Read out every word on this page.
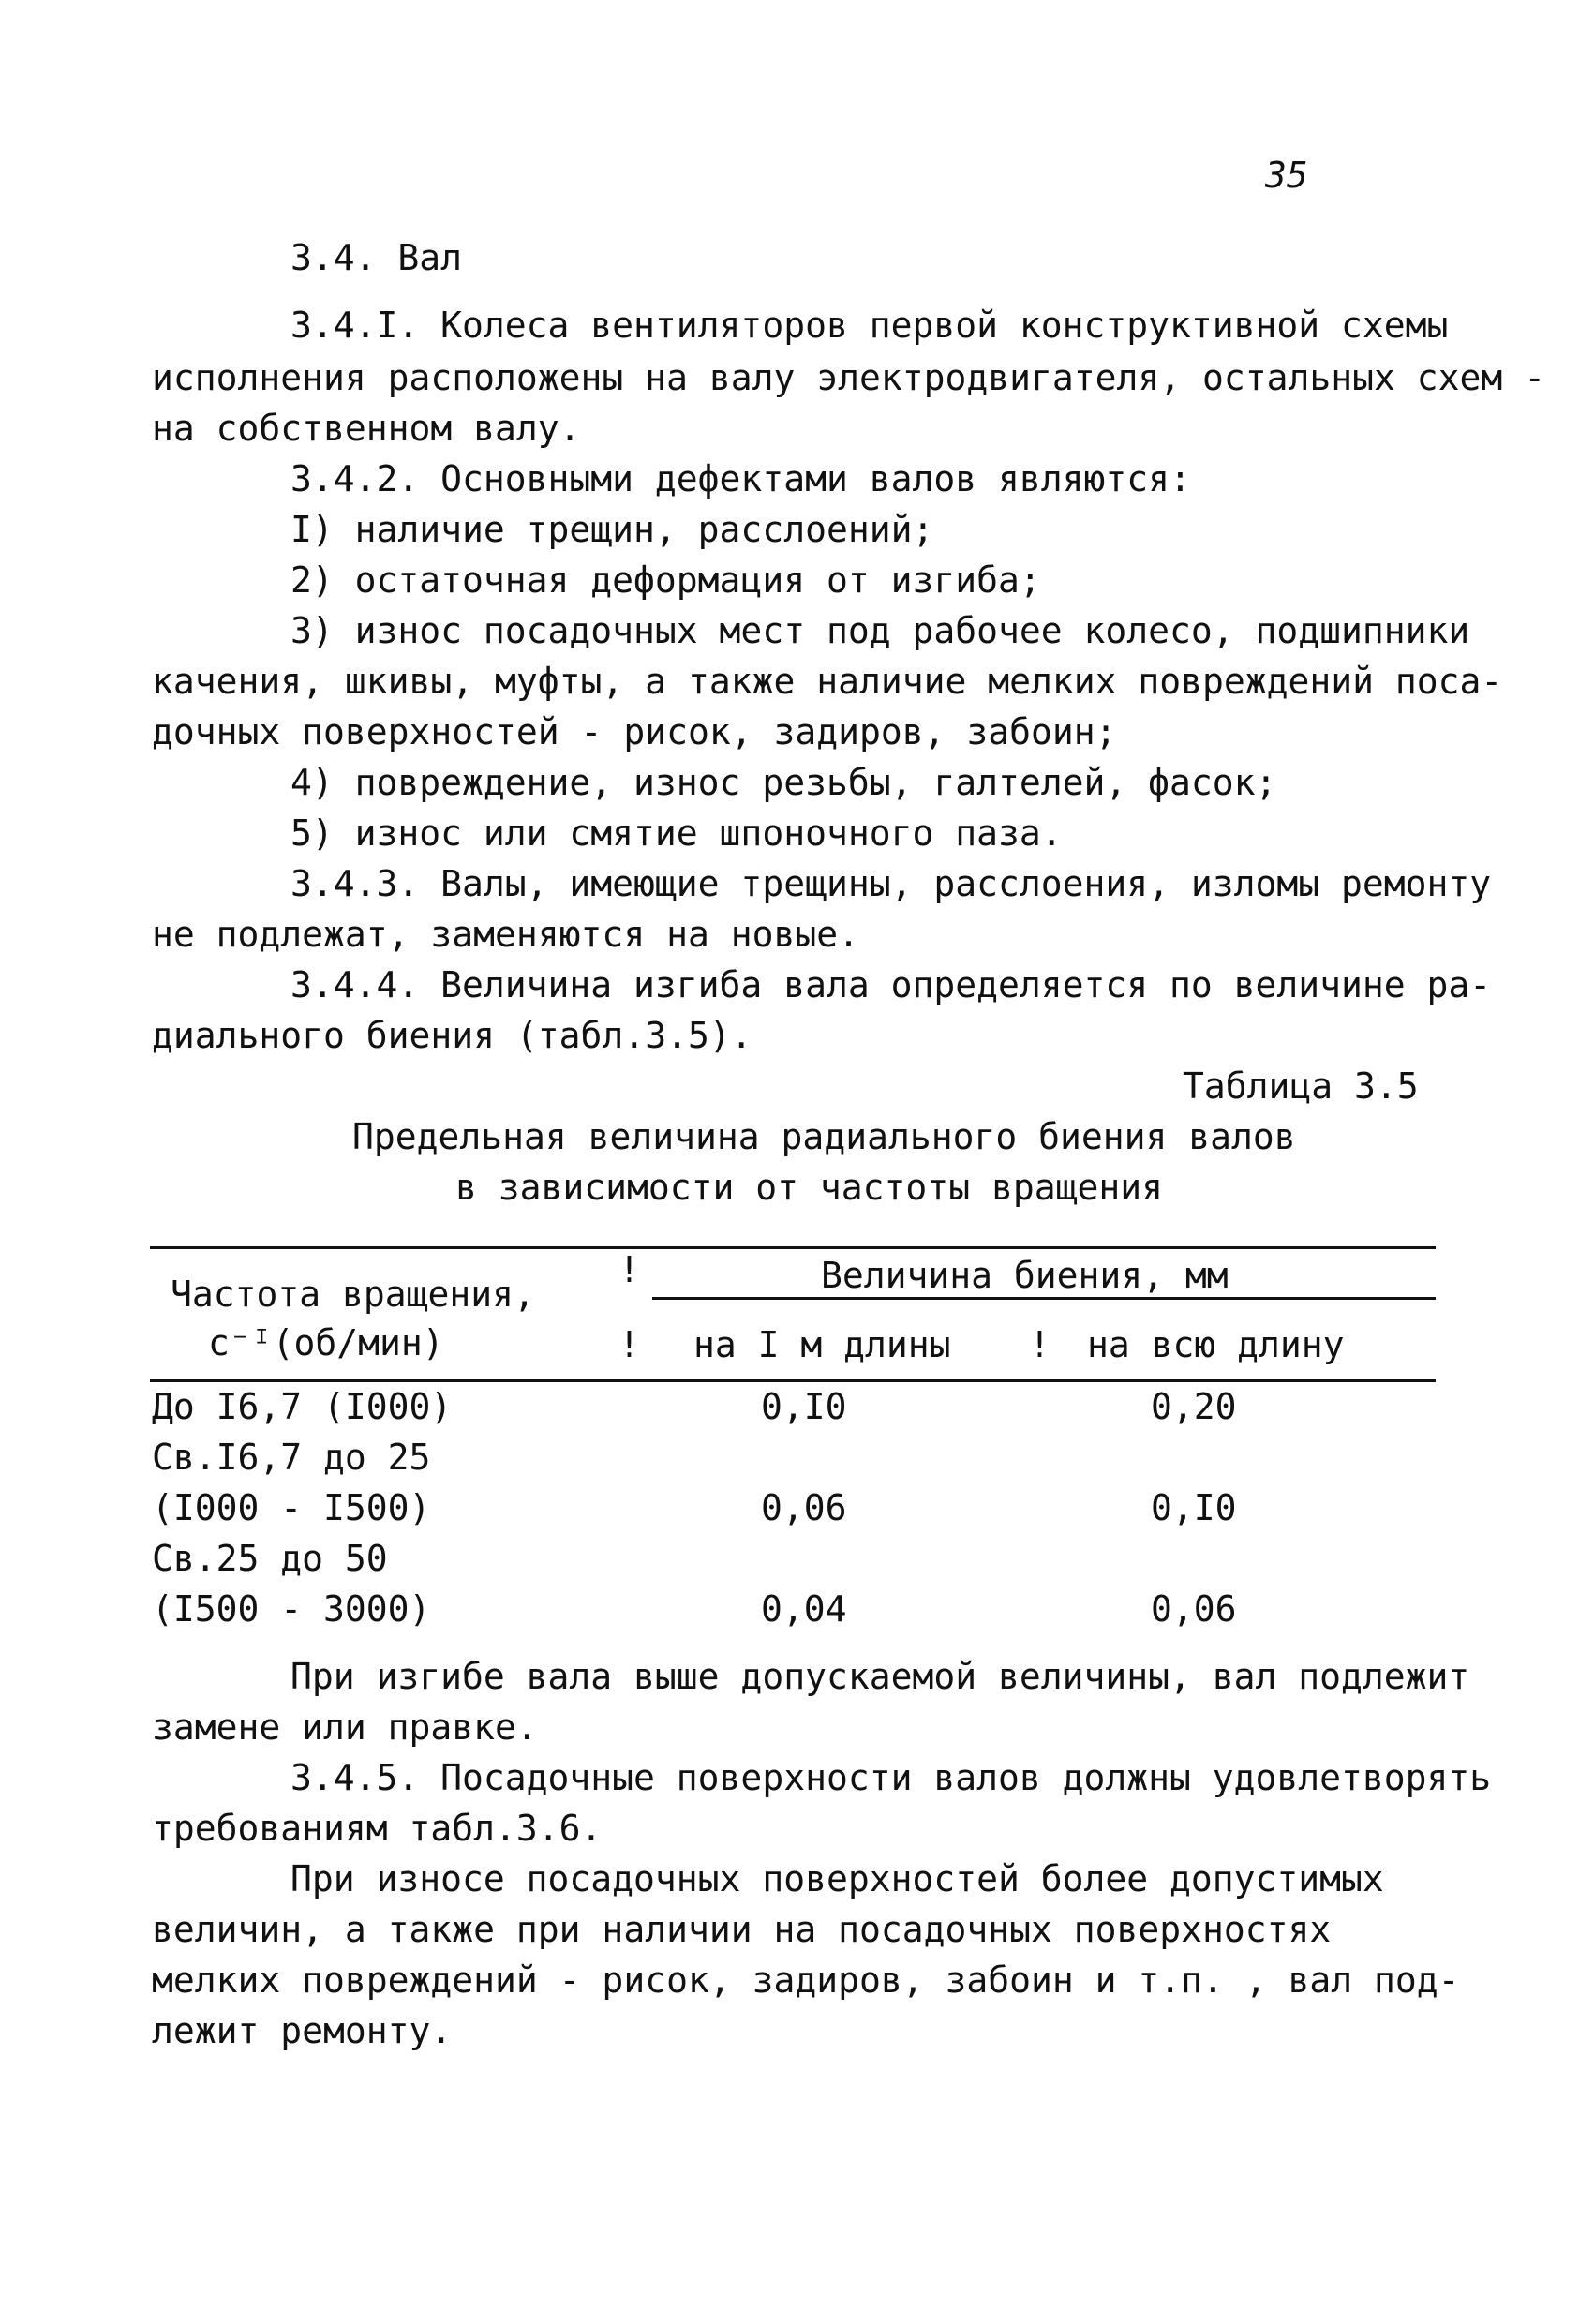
35
3.4. Вал
3.4.I. Колеса вентиляторов первой конструктивной схемы
исполнения расположены на валу электродвигателя, остальных схем -
на собственном валу.
3.4.2. Основными дефектами валов являются:
I) наличие трещин, расслоений;
2) остаточная деформация от изгиба;
3) износ посадочных мест под рабочее колесо, подшипники
качения, шкивы, муфты, а также наличие мелких повреждений поса-
дочных поверхностей - рисок, задиров, забоин;
4) повреждение, износ резьбы, галтелей, фасок;
5) износ или смятие шпоночного паза.
3.4.3. Валы, имеющие трещины, расслоения, изломы ремонту
не подлежат, заменяются на новые.
3.4.4. Величина изгиба вала определяется по величине ра-
диального биения (табл.3.5).
Таблица 3.5
Предельная величина радиального биения валов
в зависимости от частоты вращения
Частота вращения,
с⁻ᴵ(об/мин)
!
!	!
Величина биения, мм
на I м длины	на всю длину
До I6,7 (I000)	0,I0	0,20
Св.I6,7 до 25
(I000 - I500)	0,06	0,I0
Св.25 до 50
(I500 - 3000)	0,04	0,06
При изгибе вала выше допускаемой величины, вал подлежит
замене или правке.
3.4.5. Посадочные поверхности валов должны удовлетворять
требованиям табл.3.6.
При износе посадочных поверхностей более допустимых
величин, а также при наличии на посадочных поверхностях
мелких повреждений - рисок, задиров, забоин и т.п. , вал под-
лежит ремонту.
